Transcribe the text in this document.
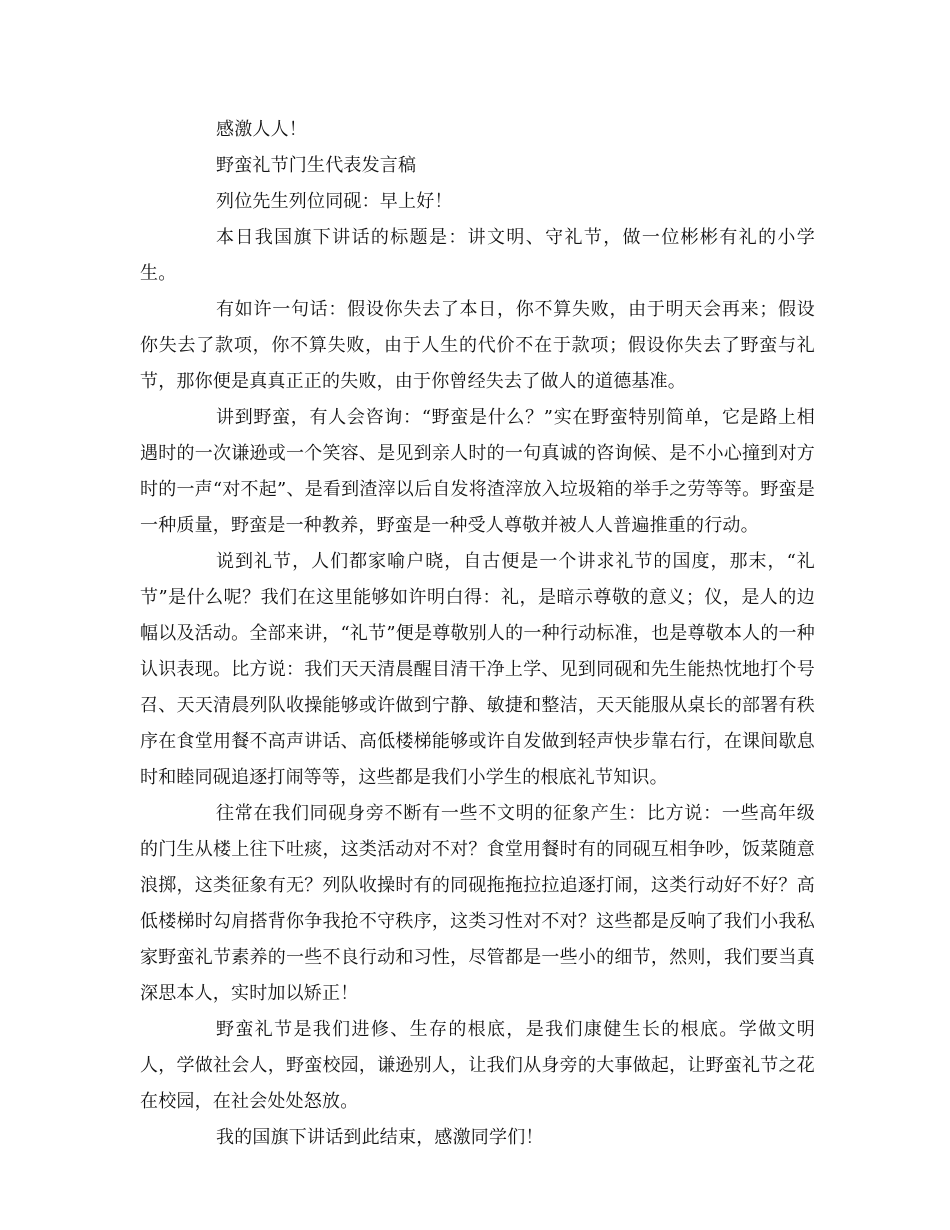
感激人人！

野蛮礼节门生代表发言稿

列位先生列位同砚：早上好！

本日我国旗下讲话的标题是：讲文明、守礼节，做一位彬彬有礼的小学生。

有如许一句话：假设你失去了本日，你不算失败，由于明天会再来；假设你失去了款项，你不算失败，由于人生的代价不在于款项；假设你失去了野蛮与礼节，那你便是真真正正的失败，由于你曾经失去了做人的道德基准。

讲到野蛮，有人会咨询：“野蛮是什么？”实在野蛮特别简单，它是路上相遇时的一次谦逊或一个笑容、是见到亲人时的一句真诚的咨询候、是不小心撞到对方时的一声“对不起”、是看到渣滓以后自发将渣滓放入垃圾箱的举手之劳等等。野蛮是一种质量，野蛮是一种教养，野蛮是一种受人尊敬并被人人普遍推重的行动。

说到礼节，人们都家喻户晓，自古便是一个讲求礼节的国度，那末，“礼节”是什么呢？我们在这里能够如许明白得：礼，是暗示尊敬的意义；仪，是人的边幅以及活动。全部来讲，“礼节”便是尊敬别人的一种行动标准，也是尊敬本人的一种认识表现。比方说：我们天天清晨醒目清干净上学、见到同砚和先生能热忱地打个号召、天天清晨列队收操能够或许做到宁静、敏捷和整洁，天天能服从桌长的部署有秩序在食堂用餐不高声讲话、高低楼梯能够或许自发做到轻声快步靠右行，在课间歇息时和睦同砚追逐打闹等等，这些都是我们小学生的根底礼节知识。

往常在我们同砚身旁不断有一些不文明的征象产生：比方说：一些高年级的门生从楼上往下吐痰，这类活动对不对？食堂用餐时有的同砚互相争吵，饭菜随意浪掷，这类征象有无？列队收操时有的同砚拖拖拉拉追逐打闹，这类行动好不好？高低楼梯时勾肩搭背你争我抢不守秩序，这类习性对不对？这些都是反响了我们小我私家野蛮礼节素养的一些不良行动和习性，尽管都是一些小的细节，然则，我们要当真深思本人，实时加以矫正！

野蛮礼节是我们进修、生存的根底，是我们康健生长的根底。学做文明人，学做社会人，野蛮校园，谦逊别人，让我们从身旁的大事做起，让野蛮礼节之花在校园，在社会处处怒放。

我的国旗下讲话到此结束，感激同学们！
